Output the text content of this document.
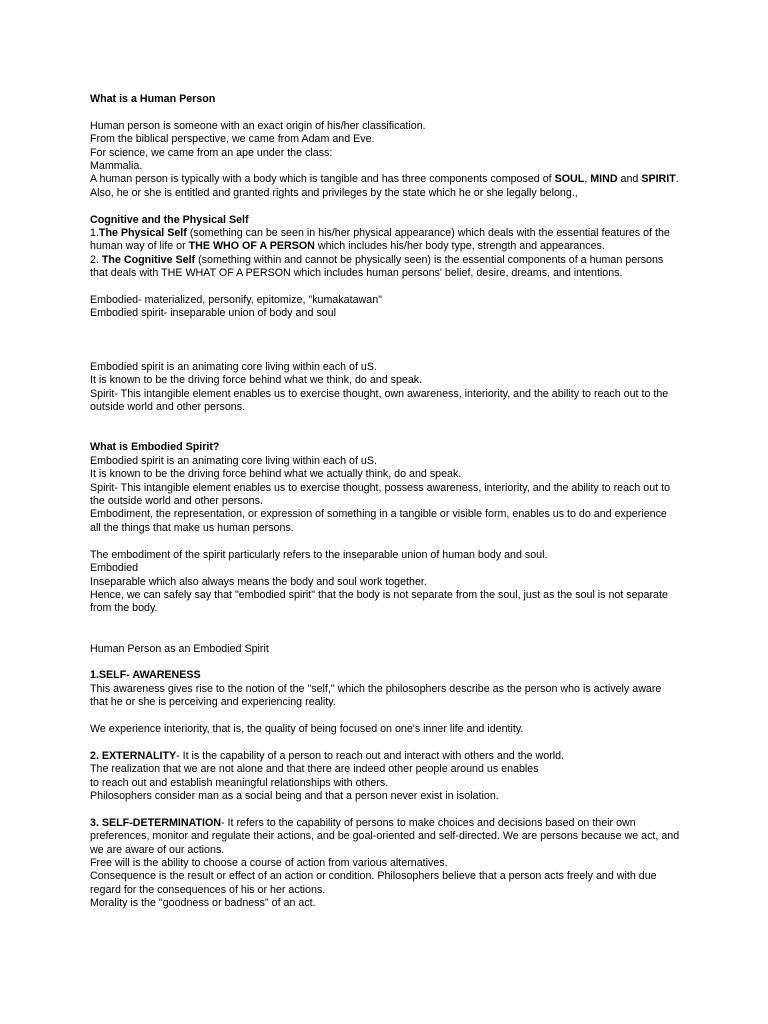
What is a Human Person

Human person is someone with an exact origin of his/her classification.

From the biblical perspective, we came from Adam and Eve.

For science, we came from an ape under the class:

Mammalia.

A human person is typically with a body which is tangible and has three components composed of SOUL, MIND and SPIRIT. Also, he or she is entitled and granted rights and privileges by the state which he or she legally belong.,

Cognitive and the Physical Self

1.The Physical Self (something can be seen in his/her physical appearance) which deals with the essential features of the human way of life or THE WHO OF A PERSON which includes his/her body type, strength and appearances.

2. The Cognitive Self (something within and cannot be physically seen) is the essential components of a human persons that deals with THE WHAT OF A PERSON which includes human persons' belief, desire, dreams, and intentions.

Embodied- materialized, personify, epitomize, "kumakatawan"

Embodied spirit- inseparable union of body and soul

Embodied spirit is an animating core living within each of uS.

It is known to be the driving force behind what we think, do and speak.

Spirit- This intangible element enables us to exercise thought, own awareness, interiority, and the ability to reach out to the outside world and other persons.

What is Embodied Spirit?

Embodied spirit is an animating core living within each of uS.

It is known to be the driving force behind what we actually think, do and speak.

Spirit- This intangible element enables us to exercise thought, possess awareness, interiority, and the ability to reach out to the outside world and other persons.

Embodiment, the representation, or expression of something in a tangible or visible form, enables us to do and experience all the things that make us human persons.

The embodiment of the spirit particularly refers to the inseparable union of human body and soul.

Embodied

Inseparable which also always means the body and soul work together.

Hence, we can safely say that "embodied spirit" that the body is not separate from the soul, just as the soul is not separate from the body.

Human Person as an Embodied Spirit

1.SELF- AWARENESS

This awareness gives rise to the notion of the "self," which the philosophers describe as the person who is actively aware that he or she is perceiving and experiencing reality.

We experience interiority, that is, the quality of being focused on one's inner life and identity.

2. EXTERNALITY- It is the capability of a person to reach out and interact with others and the world.

The realization that we are not alone and that there are indeed other people around us enables

to reach out and establish meaningful relationships with others.

Philosophers consider man as a social being and that a person never exist in isolation.

3. SELF-DETERMINATION- It refers to the capability of persons to make choices and decisions based on their own preferences, monitor and regulate their actions, and be goal-oriented and self-directed. We are persons because we act, and we are aware of our actions.

Free will is the ability to choose a course of action from various alternatives.

Consequence is the result or effect of an action or condition. Philosophers believe that a person acts freely and with due regard for the consequences of his or her actions.

Morality is the "goodness or badness" of an act.
